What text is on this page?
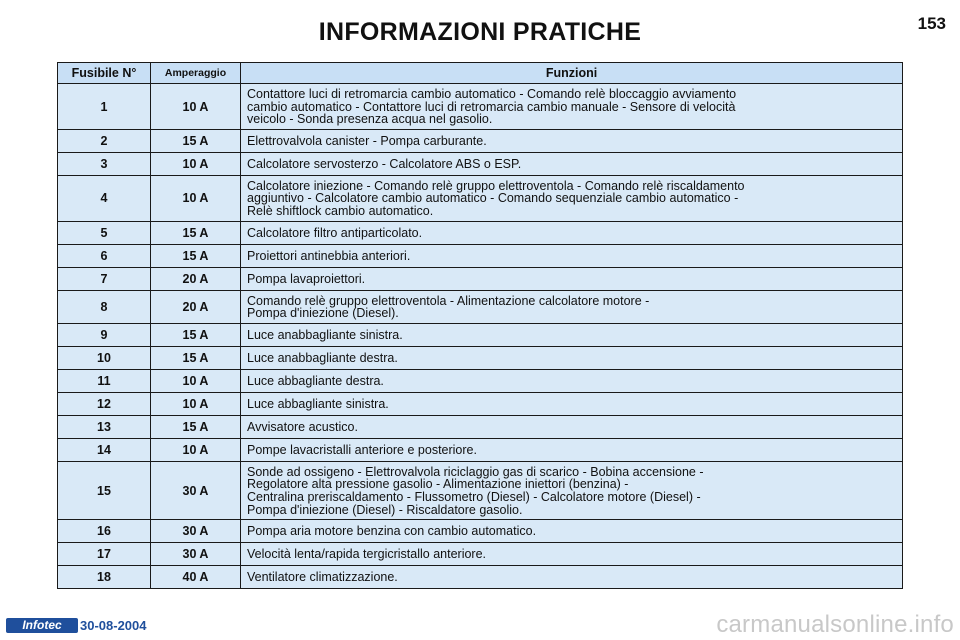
INFORMAZIONI PRATICHE	153
Fusibile N°	Amperaggio	Funzioni
1	10 A	Contattore luci di retromarcia cambio automatico - Comando relè bloccaggio avviamento
cambio automatico - Contattore luci di retromarcia cambio manuale - Sensore di velocità
veicolo - Sonda presenza acqua nel gasolio.
2	15 A	Elettrovalvola canister - Pompa carburante.
3	10 A	Calcolatore servosterzo - Calcolatore ABS o ESP.
4	10 A	Calcolatore iniezione - Comando relè gruppo elettroventola - Comando relè riscaldamento
aggiuntivo - Calcolatore cambio automatico - Comando sequenziale cambio automatico -
Relè shiftlock cambio automatico.
5	15 A	Calcolatore filtro antiparticolato.
6	15 A	Proiettori antinebbia anteriori.
7	20 A	Pompa lavaproiettori.
8	20 A	Comando relè gruppo elettroventola - Alimentazione calcolatore motore -
Pompa d'iniezione (Diesel).
9	15 A	Luce anabbagliante sinistra.
10	15 A	Luce anabbagliante destra.
11	10 A	Luce abbagliante destra.
12	10 A	Luce abbagliante sinistra.
13	15 A	Avvisatore acustico.
14	10 A	Pompe lavacristalli anteriore e posteriore.
15	30 A	Sonde ad ossigeno - Elettrovalvola riciclaggio gas di scarico - Bobina accensione -
Regolatore alta pressione gasolio - Alimentazione iniettori (benzina) -
Centralina preriscaldamento - Flussometro (Diesel) - Calcolatore motore (Diesel) -
Pompa d'iniezione (Diesel) - Riscaldatore gasolio.
16	30 A	Pompa aria motore benzina con cambio automatico.
17	30 A	Velocità lenta/rapida tergicristallo anteriore.
18	40 A	Ventilatore climatizzazione.
Infotec	30-08-2004	carmanualsonline.info
